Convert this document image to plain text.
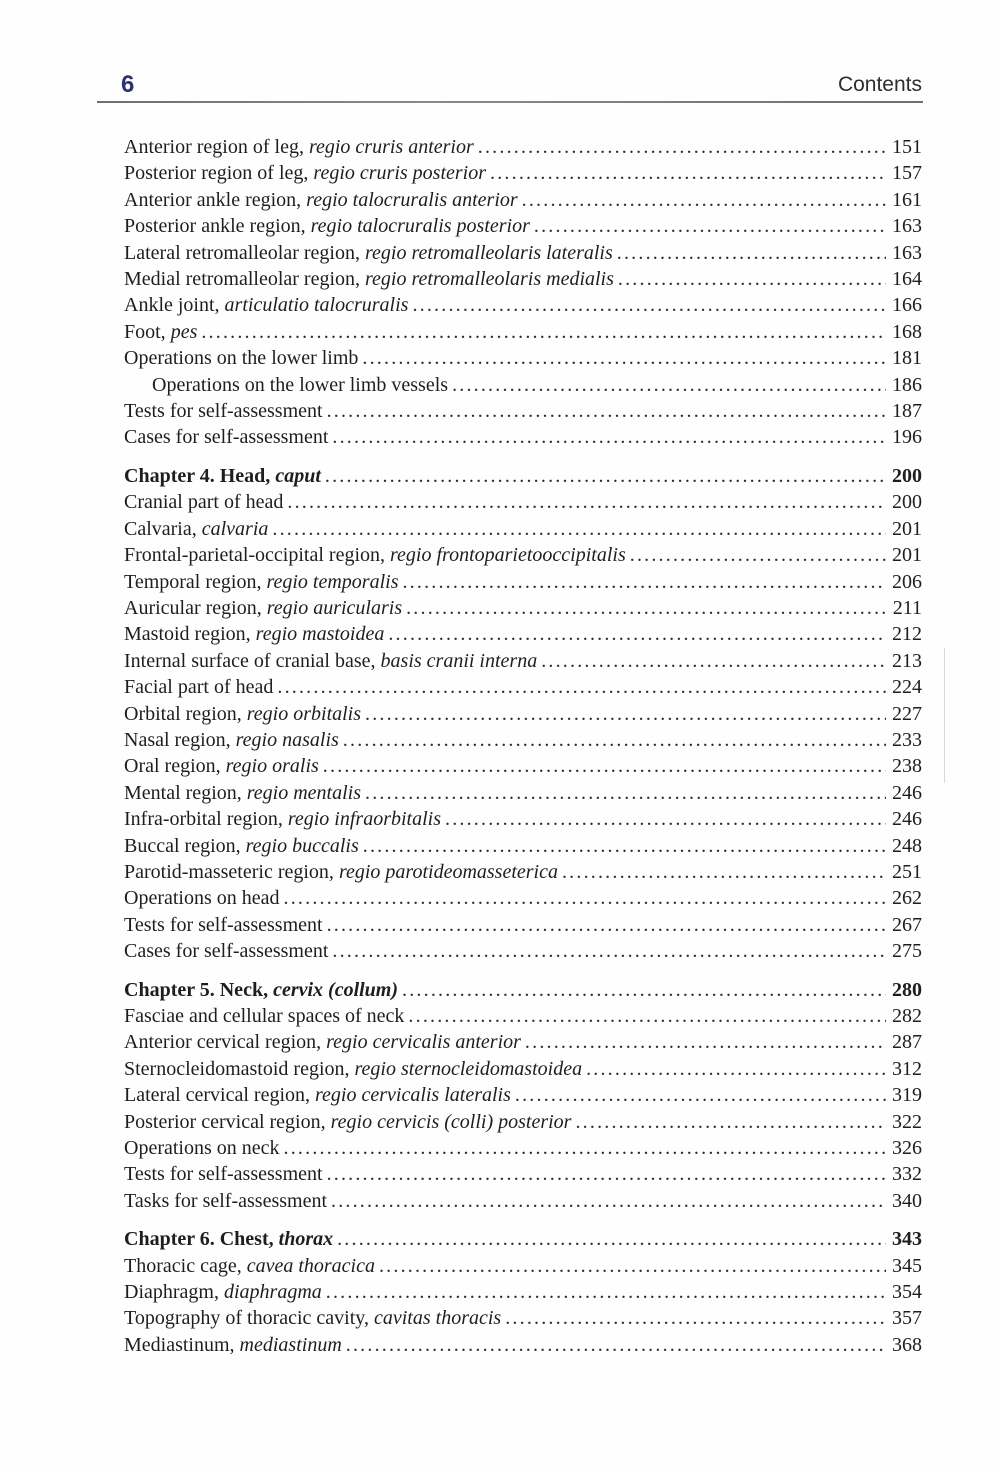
6	Contents
Anterior region of leg, regio cruris anterior .....	151
Posterior region of leg, regio cruris posterior .....	157
Anterior ankle region, regio talocruralis anterior .....	161
Posterior ankle region, regio talocruralis posterior .....	163
Lateral retromalleolar region, regio retromalleolaris lateralis .....	163
Medial retromalleolar region, regio retromalleolaris medialis .....	164
Ankle joint, articulatio talocruralis .....	166
Foot, pes .....	168
Operations on the lower limb .....	181
Operations on the lower limb vessels .....	186
Tests for self-assessment .....	187
Cases for self-assessment .....	196
Chapter 4. Head, caput .....	200
Cranial part of head .....	200
Calvaria, calvaria .....	201
Frontal-parietal-occipital region, regio frontoparietooccipitalis .....	201
Temporal region, regio temporalis .....	206
Auricular region, regio auricularis .....	211
Mastoid region, regio mastoidea .....	212
Internal surface of cranial base, basis cranii interna .....	213
Facial part of head .....	224
Orbital region, regio orbitalis .....	227
Nasal region, regio nasalis .....	233
Oral region, regio oralis .....	238
Mental region, regio mentalis .....	246
Infra-orbital region, regio infraorbitalis .....	246
Buccal region, regio buccalis .....	248
Parotid-masseteric region, regio parotideomasseterica .....	251
Operations on head .....	262
Tests for self-assessment .....	267
Cases for self-assessment .....	275
Chapter 5. Neck, cervix (collum) .....	280
Fasciae and cellular spaces of neck .....	282
Anterior cervical region, regio cervicalis anterior .....	287
Sternocleidomastoid region, regio sternocleidomastoidea .....	312
Lateral cervical region, regio cervicalis lateralis .....	319
Posterior cervical region, regio cervicis (colli) posterior .....	322
Operations on neck .....	326
Tests for self-assessment .....	332
Tasks for self-assessment .....	340
Chapter 6. Chest, thorax .....	343
Thoracic cage, cavea thoracica .....	345
Diaphragm, diaphragma .....	354
Topography of thoracic cavity, cavitas thoracis .....	357
Mediastinum, mediastinum .....	368
